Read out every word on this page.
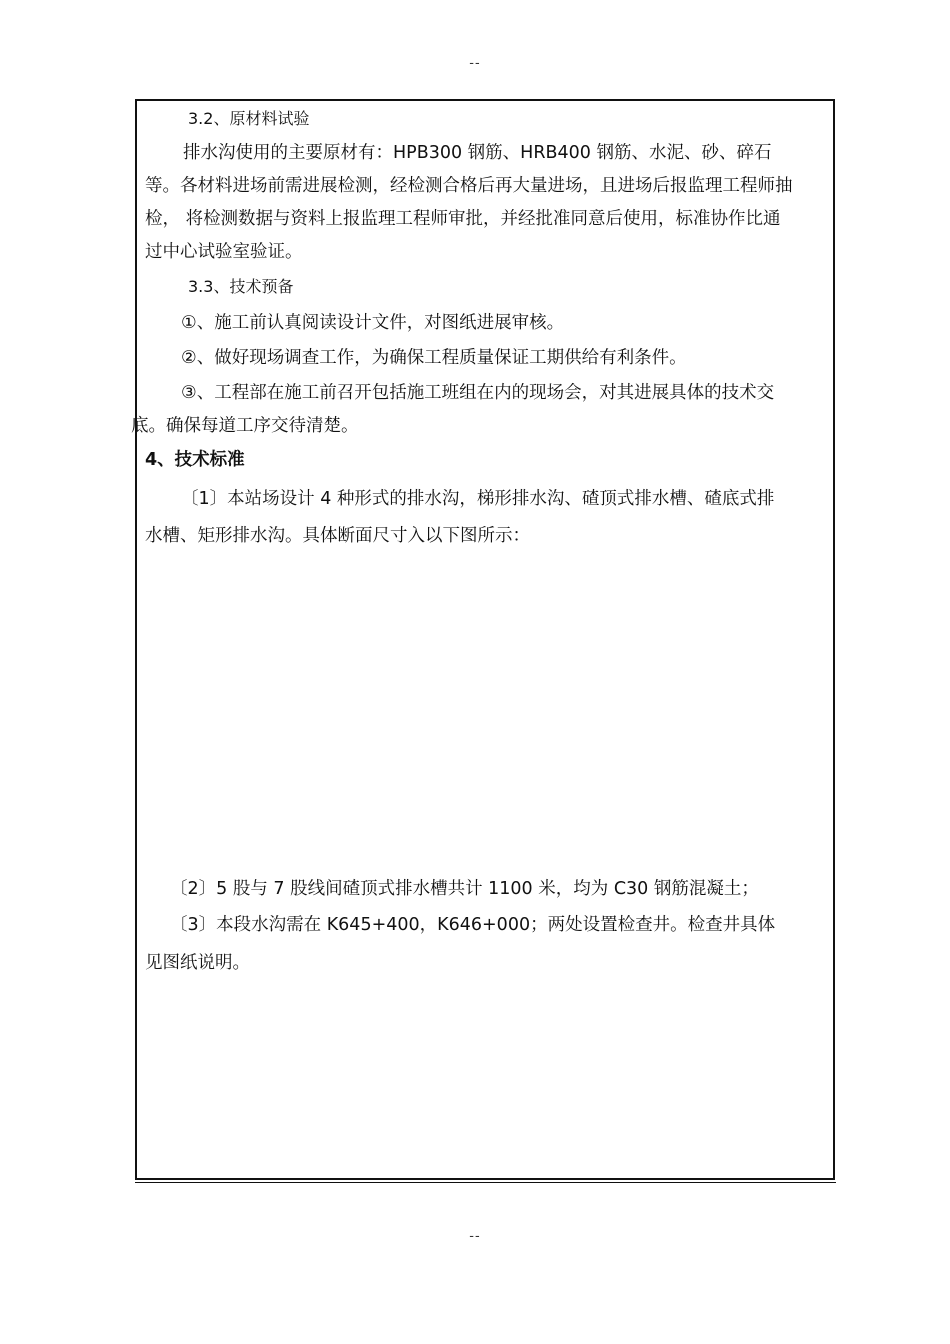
--
3.2、原材料试验
排水沟使用的主要原材有：HPB300 钢筋、HRB400 钢筋、水泥、砂、碎石
等。各材料进场前需进展检测，经检测合格后再大量进场，且进场后报监理工程师抽
检， 将检测数据与资料上报监理工程师审批，并经批准同意后使用，标准协作比通
过中心试验室验证。
3.3、技术预备
①、施工前认真阅读设计文件，对图纸进展审核。
②、做好现场调查工作，为确保工程质量保证工期供给有利条件。
③、工程部在施工前召开包括施工班组在内的现场会，对其进展具体的技术交
底。确保每道工序交待清楚。
4、技术标准
〔1〕本站场设计 4 种形式的排水沟，梯形排水沟、碴顶式排水槽、碴底式排
水槽、矩形排水沟。具体断面尺寸入以下图所示：
〔2〕5 股与 7 股线间碴顶式排水槽共计 1100 米，均为 C30 钢筋混凝土；
〔3〕本段水沟需在 K645+400，K646+000；两处设置检查井。检查井具体
见图纸说明。
--
